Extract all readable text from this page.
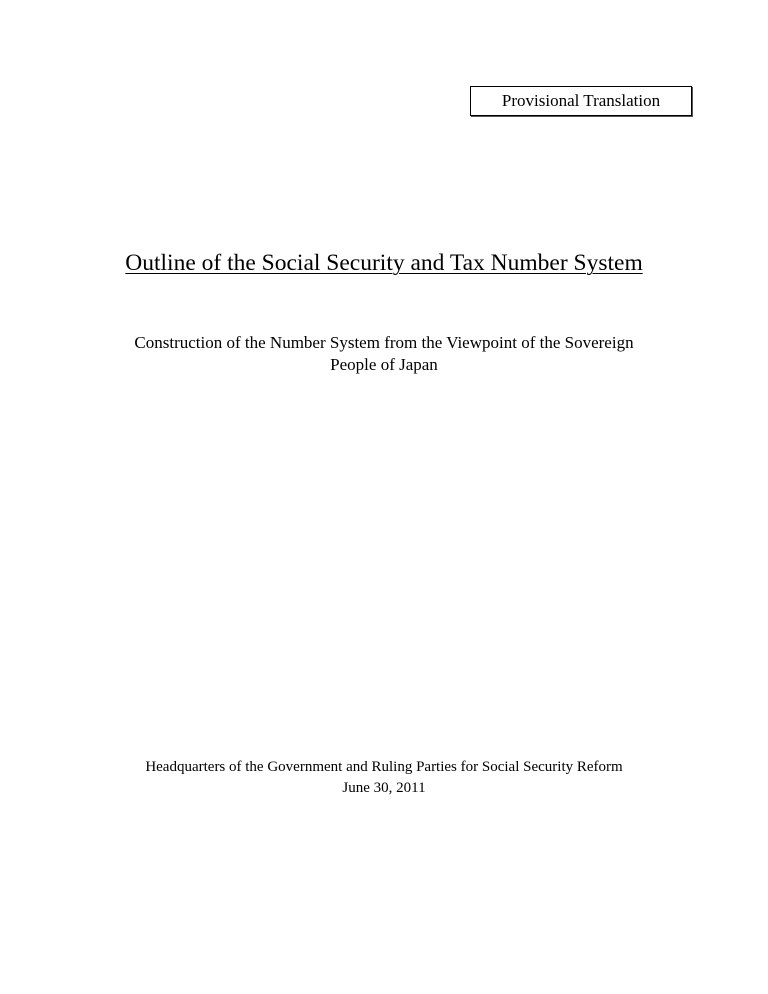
Provisional Translation
Outline of the Social Security and Tax Number System
Construction of the Number System from the Viewpoint of the Sovereign
People of Japan
Headquarters of the Government and Ruling Parties for Social Security Reform
June 30, 2011
